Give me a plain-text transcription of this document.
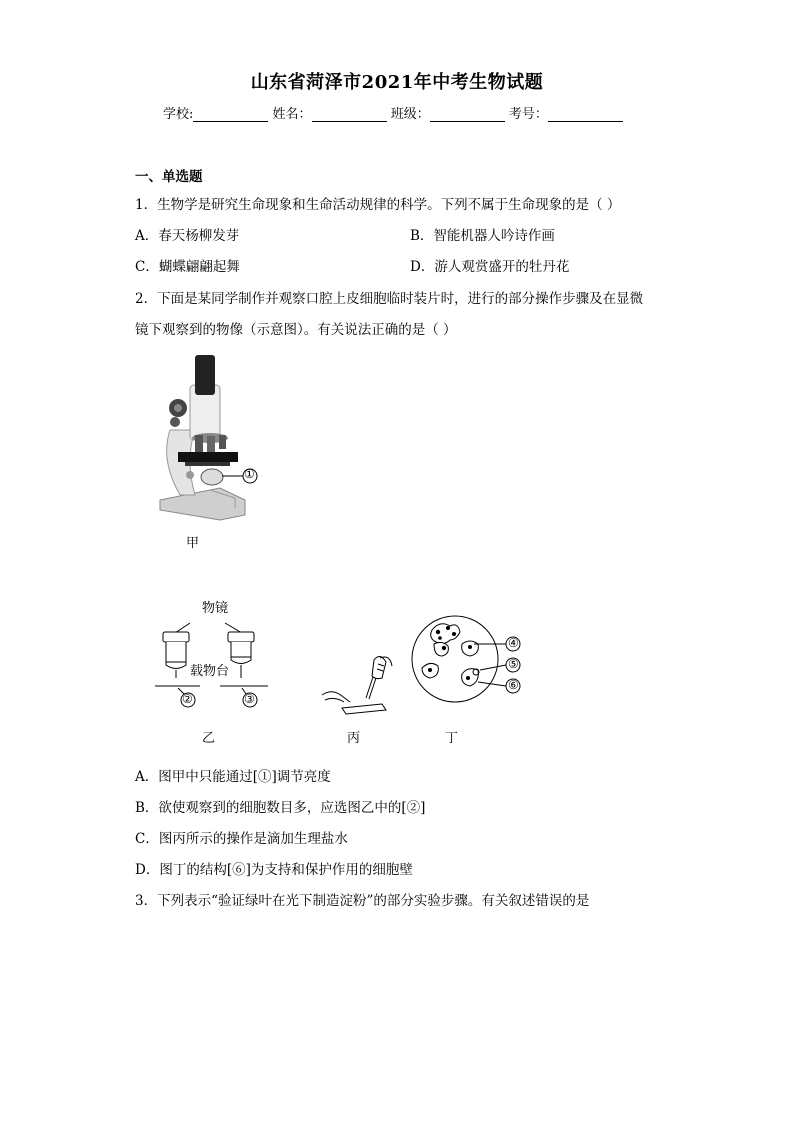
山东省菏泽市2021年中考生物试题
学校:	姓名：	班级：	考号：
一、单选题
1．生物学是研究生命现象和生命活动规律的科学。下列不属于生命现象的是（ ）
A．春天杨柳发芽	B．智能机器人吟诗作画
C．蝴蝶翩翩起舞	D．游人观赏盛开的牡丹花
2．下面是某同学制作并观察口腔上皮细胞临时装片时，进行的部分操作步骤及在显微
镜下观察到的物像（示意图）。有关说法正确的是（ ）
①
甲
物镜
载物台
②	③
乙	丙
④
⑤
⑥
丁
A．图甲中只能通过[①]调节亮度
B．欲使观察到的细胞数目多，应选图乙中的[②]
C．图丙所示的操作是滴加生理盐水
D．图丁的结构[⑥]为支持和保护作用的细胞壁
3．下列表示“验证绿叶在光下制造淀粉”的部分实验步骤。有关叙述错误的是
